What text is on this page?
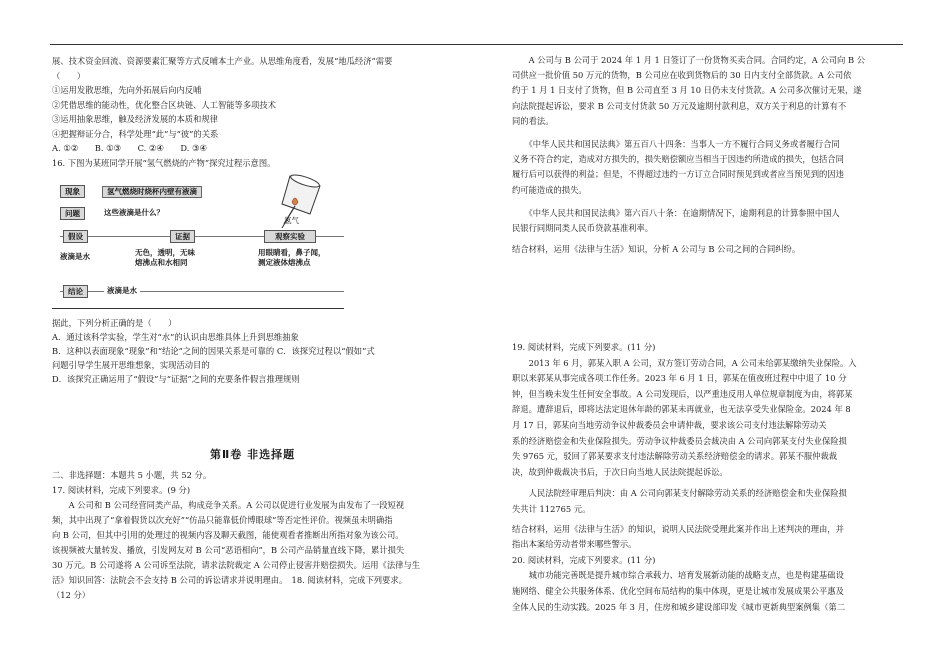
展、技术资金回流、资源要素汇聚等方式反哺本土产业。从思维角度看，发展“地瓜经济”需要
（　　）
①运用发散思维，先向外拓展后向内反哺
②凭借思维的能动性，优化整合区块链、人工智能等多项技术
③运用抽象思维，触及经济发展的本质和规律
④把握辩证分合，科学处理“此”与“彼”的关系
A. ①②　　B. ①③　　C. ②④　　D. ③④
16. 下图为某班同学开展“氢气燃烧的产物”探究过程示意图。
现象	氢气燃烧时烧杯内壁有液滴
问题	这些液滴是什么？
假设	证据	观察实验
氢气
液滴是水	无色，透明，无味
熔沸点和水相同
用眼睛看，鼻子闻，
测定液体熔沸点
结论	液滴是水
据此，下列分析正确的是（　　）
A．通过该科学实验，学生对“水”的认识由思维具体上升到思维抽象
B．这种以表面现象“现象”和“结论”之间的因果关系是可靠的 C．该探究过程以“假如”式
问题引导学生展开思维想象，实现活动目的
D．该探究正确运用了“假设”与“证据”之间的充要条件假言推理规则
第Ⅱ卷 非选择题
二、非选择题：本题共 5 小题，共 52 分。
17. 阅读材料，完成下列要求。(9 分)
　　A 公司和 B 公司经营同类产品，构成竞争关系。A 公司以促进行业发展为由发布了一段短视
频，其中出现了“拿着假货以次充好”“仿品只能靠低价博眼球”等否定性评价。视频虽未明确指
向 B 公司，但其中引用的处理过的视频内容及聊天截图，能使观看者推断出所指对象为该公司。
该视频被大量转发、播放，引发网友对 B 公司“恶语相向”，B 公司产品销量直线下降，累计损失
30 万元。B 公司遂将 A 公司诉至法院，请求法院裁定 A 公司停止侵害并赔偿损失。运用《法律与生
活》知识回答：法院会不会支持 B 公司的诉讼请求并说明理由。　18. 阅读材料，完成下列要求。
（12 分）
　　A 公司与 B 公司于 2024 年 1 月 1 日签订了一份货物买卖合同。合同约定，A 公司向 B 公
司供应一批价值 50 万元的货物，B 公司应在收到货物后的 30 日内支付全部货款。A 公司依
约于 1 月 1 日支付了货物，但 B 公司直至 3 月 10 日仍未支付货款。A 公司多次催讨无果，遂
向法院提起诉讼，要求 B 公司支付货款 50 万元及逾期付款利息，双方关于利息的计算有不
同的看法。
　　《中华人民共和国民法典》第五百八十四条：当事人一方不履行合同义务或者履行合同
义务不符合约定，造成对方损失的，损失赔偿额应当相当于因违约所造成的损失，包括合同
履行后可以获得的利益；但是，不得超过违约一方订立合同时预见到或者应当预见到的因违
约可能造成的损失。
　　《中华人民共和国民法典》第六百八十条：在逾期情况下，逾期利息的计算参照中国人
民银行同期同类人民币贷款基准利率。
结合材料，运用《法律与生活》知识，分析 A 公司与 B 公司之间的合同纠纷。
19. 阅读材料，完成下列要求。(11 分)
　　2013 年 6 月，郭某入职 A 公司，双方签订劳动合同，A 公司未给郭某缴纳失业保险。入
职以来郭某从事完成各项工作任务。2023 年 6 月 1 日，郭某在值夜班过程中中退了 10 分
钟，但当晚未发生任何安全事故。A 公司发现后，以严重违反用人单位规章制度为由，将郭某
辞退。遭辞退后，即将达法定退休年龄的郭某未再就业，也无法享受失业保险金。2024 年 8
月 17 日，郭某向当地劳动争议仲裁委员会申请仲裁，要求该公司支付违法解除劳动关
系的经济赔偿金和失业保险损失。劳动争议仲裁委员会裁决由 A 公司向郭某支付失业保险损
失 9765 元，驳回了郭某要求支付违法解除劳动关系经济赔偿金的请求。郭某不服仲裁裁
决，故到仲裁裁决书后，于次日向当地人民法院提起诉讼。
　　人民法院经审理后判决：由 A 公司向郭某支付解除劳动关系的经济赔偿金和失业保险损
失共计 112765 元。
结合材料，运用《法律与生活》的知识，说明人民法院受理此案并作出上述判决的理由，并
指出本案给劳动者带来哪些警示。
20. 阅读材料，完成下列要求。(11 分)
　　城市功能完善既是提升城市综合承载力、培育发展新动能的战略支点，也是构建基础设
施网络、健全公共服务体系、优化空间布局结构的集中体现，更是让城市发展成果公平惠及
全体人民的生动实践。2025 年 3 月，住房和城乡建设部印发《城市更新典型案例集（第二
